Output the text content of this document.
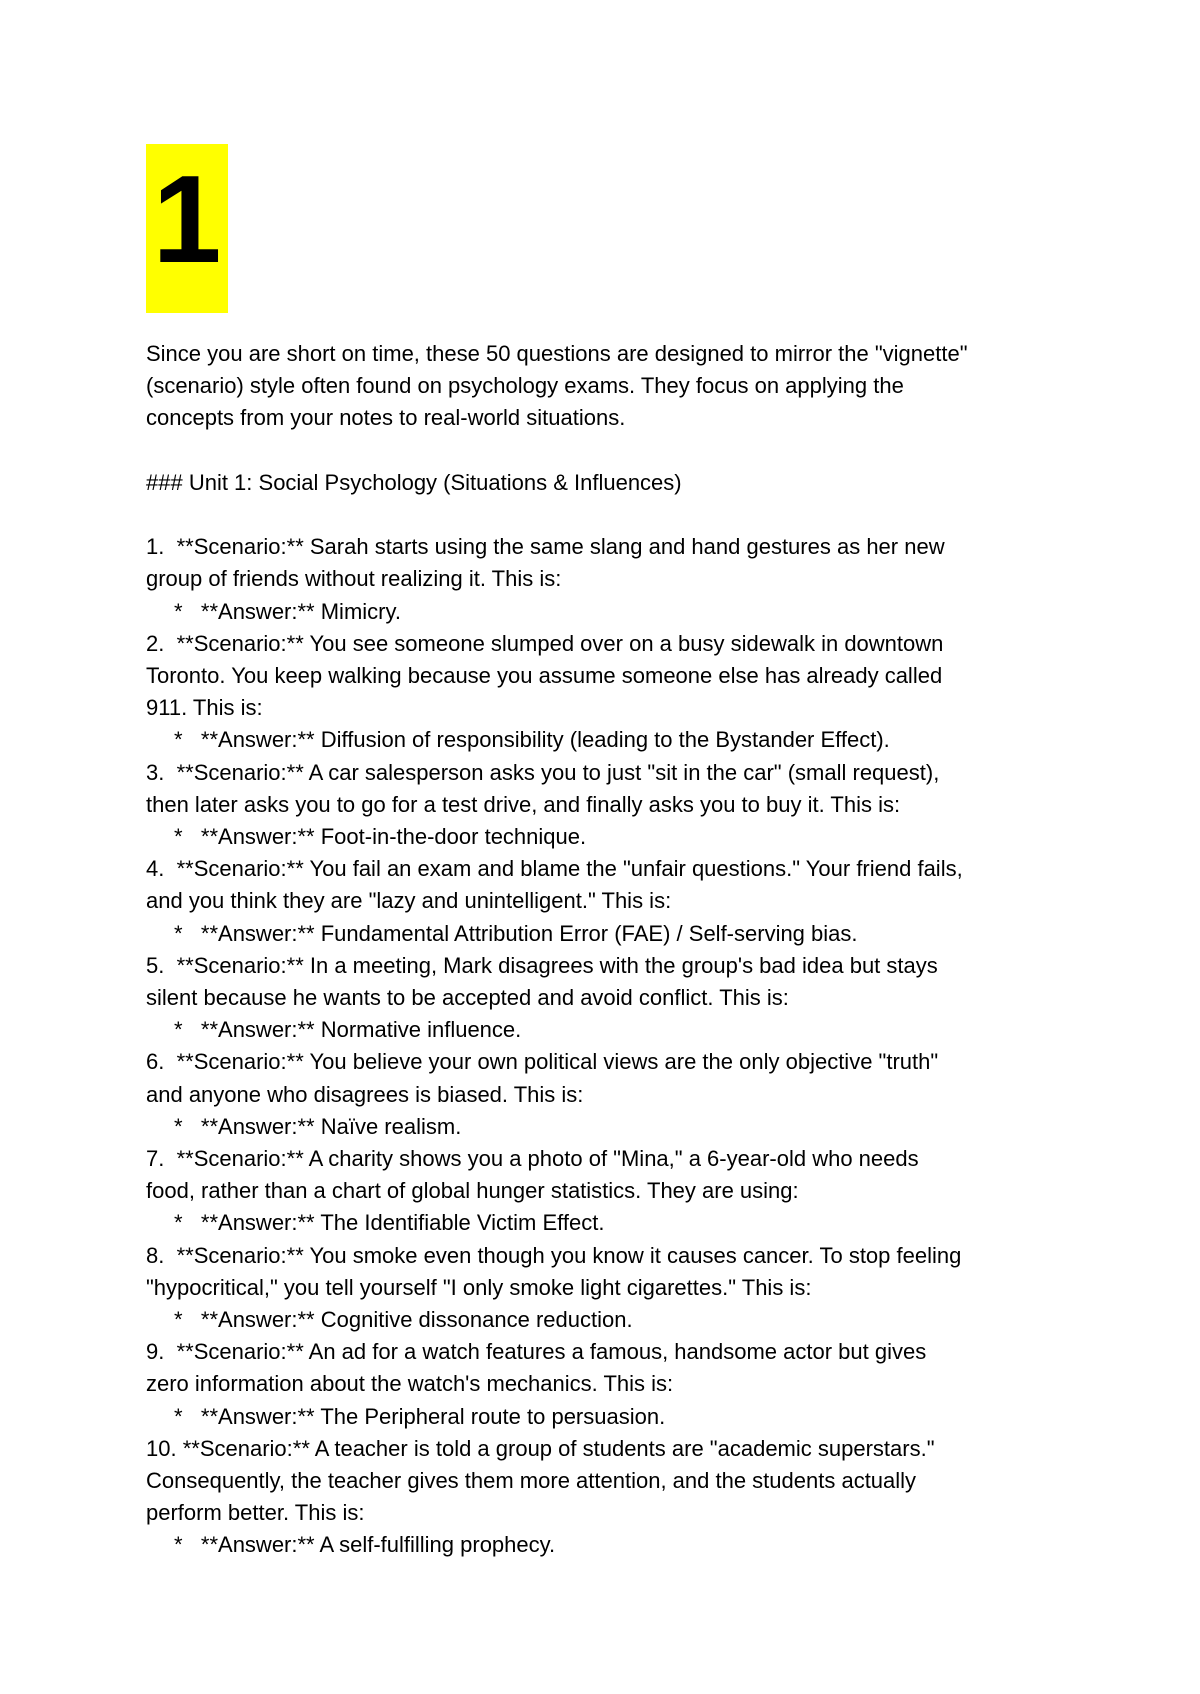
1

Since you are short on time, these 50 questions are designed to mirror the "vignette"

(scenario) style often found on psychology exams. They focus on applying the

concepts from your notes to real-world situations.

### Unit 1: Social Psychology (Situations & Influences)

1.  **Scenario:** Sarah starts using the same slang and hand gestures as her new

group of friends without realizing it. This is:

*   **Answer:** Mimicry.

2.  **Scenario:** You see someone slumped over on a busy sidewalk in downtown

Toronto. You keep walking because you assume someone else has already called

911. This is:

*   **Answer:** Diffusion of responsibility (leading to the Bystander Effect).

3.  **Scenario:** A car salesperson asks you to just "sit in the car" (small request),

then later asks you to go for a test drive, and finally asks you to buy it. This is:

*   **Answer:** Foot-in-the-door technique.

4.  **Scenario:** You fail an exam and blame the "unfair questions." Your friend fails,

and you think they are "lazy and unintelligent." This is:

*   **Answer:** Fundamental Attribution Error (FAE) / Self-serving bias.

5.  **Scenario:** In a meeting, Mark disagrees with the group's bad idea but stays

silent because he wants to be accepted and avoid conflict. This is:

*   **Answer:** Normative influence.

6.  **Scenario:** You believe your own political views are the only objective "truth"

and anyone who disagrees is biased. This is:

*   **Answer:** Naïve realism.

7.  **Scenario:** A charity shows you a photo of "Mina," a 6-year-old who needs

food, rather than a chart of global hunger statistics. They are using:

*   **Answer:** The Identifiable Victim Effect.

8.  **Scenario:** You smoke even though you know it causes cancer. To stop feeling

"hypocritical," you tell yourself "I only smoke light cigarettes." This is:

*   **Answer:** Cognitive dissonance reduction.

9.  **Scenario:** An ad for a watch features a famous, handsome actor but gives

zero information about the watch's mechanics. This is:

*   **Answer:** The Peripheral route to persuasion.

10. **Scenario:** A teacher is told a group of students are "academic superstars."

Consequently, the teacher gives them more attention, and the students actually

perform better. This is:

*   **Answer:** A self-fulfilling prophecy.
